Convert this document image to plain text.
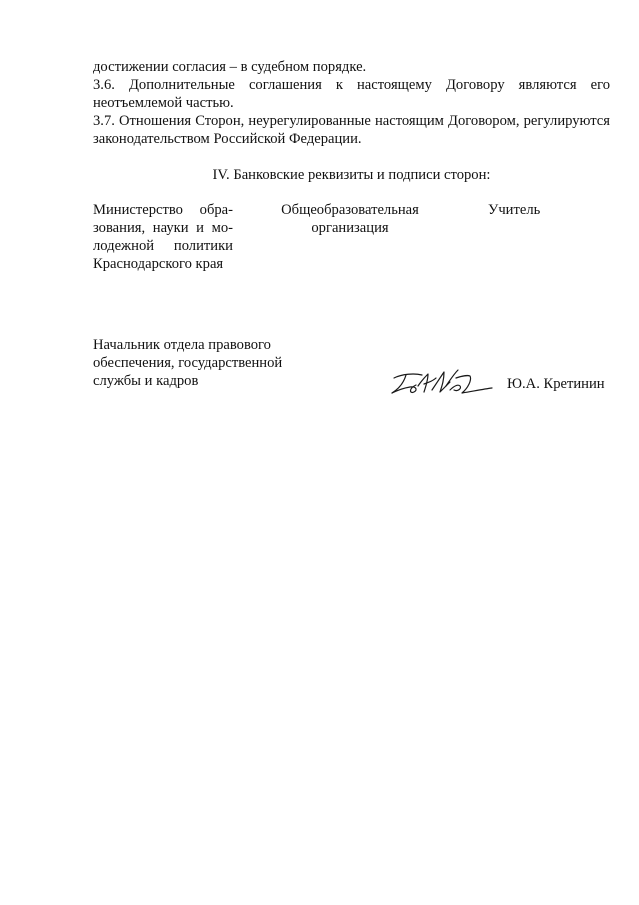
достижении согласия – в судебном порядке.

3.6. Дополнительные соглашения к настоящему Договору являются его неотъемлемой частью.

3.7. Отношения Сторон, неурегулированные настоящим Договором, регулируются законодательством Российской Федерации.

IV. Банковские реквизиты и подписи сторон:

Министерство обра-
зования, науки и мо-
лодежной политики
Краснодарского края
Общеобразовательная
организация
Учитель
Начальник отдела правового
обеспечения, государственной
службы и кадров	Ю.А. Кретинин
